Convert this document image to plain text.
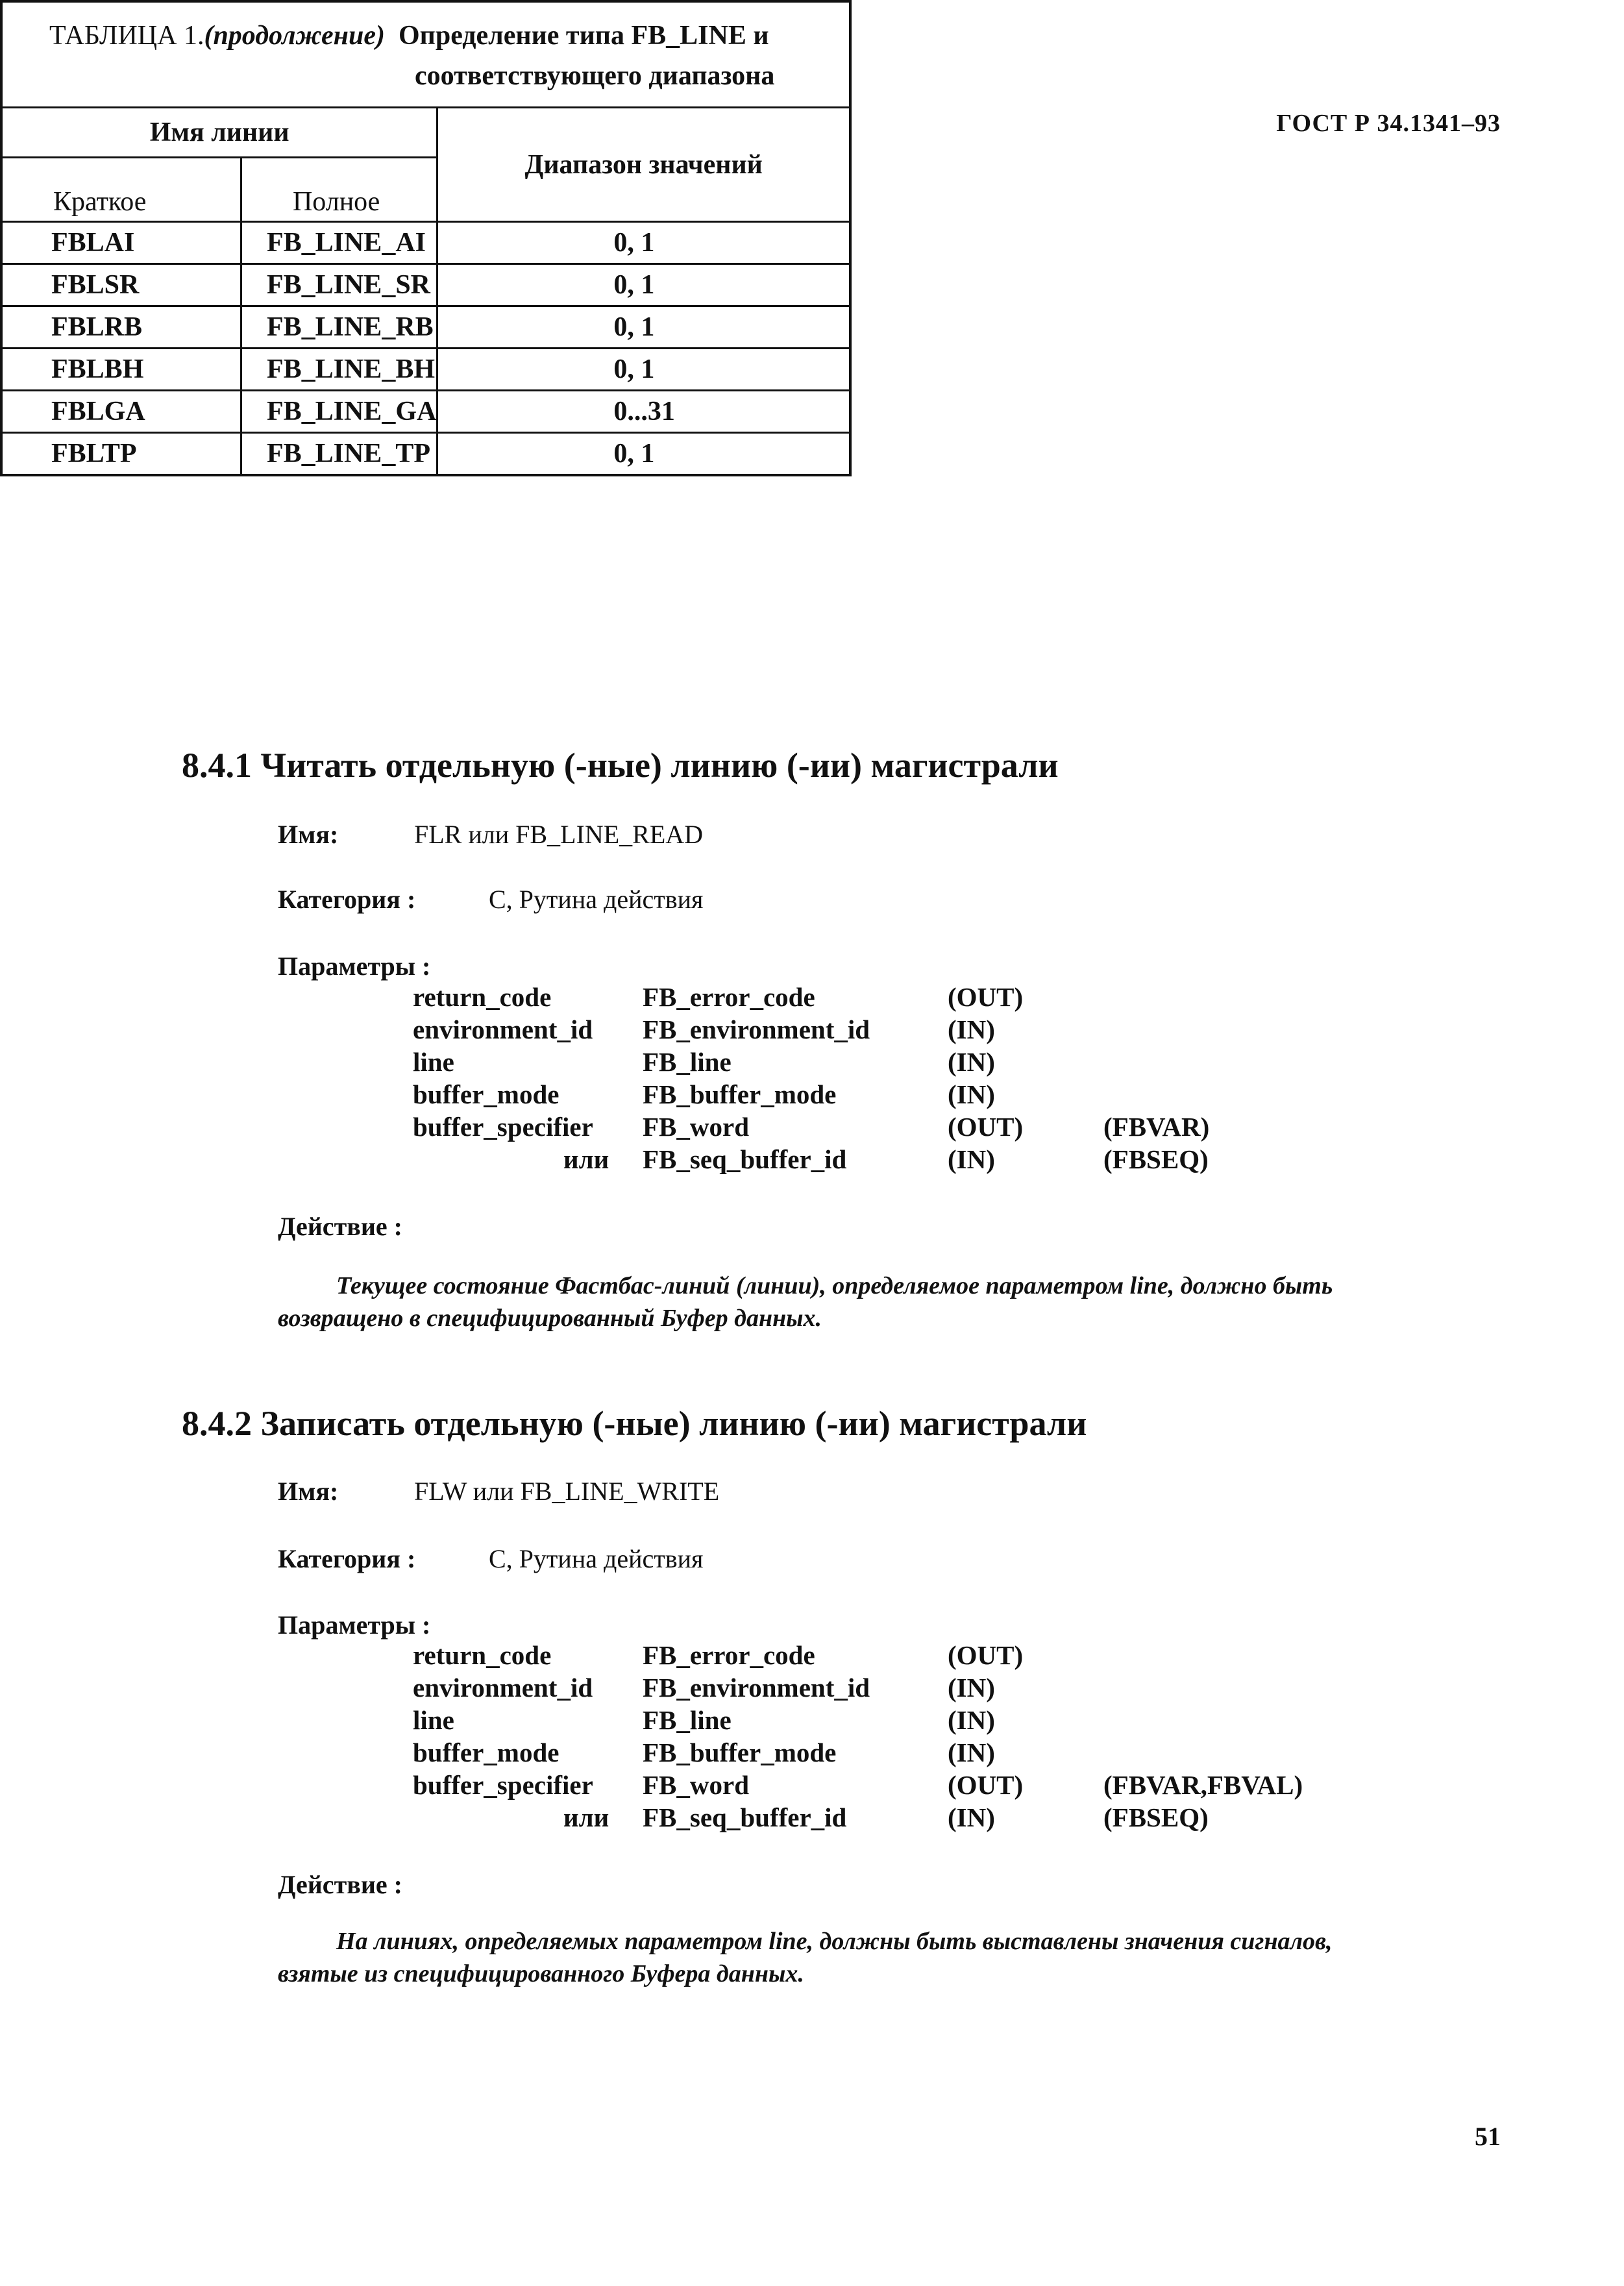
ГОСТ Р 34.1341–93
ТАБЛИЦА 1.(продолжение) Определение типа FB_LINE и
соответствующего диапазона		

Имя линии		Диапазон значений
Краткое	Полное	
FBLAI	FB_LINE_AI	0, 1
FBLSR	FB_LINE_SR	0, 1
FBLRB	FB_LINE_RB	0, 1
FBLBH	FB_LINE_BH	0, 1
FBLGA	FB_LINE_GA	0...31
FBLTP	FB_LINE_TP	0, 1
8.4.1 Читать отдельную (-ные) линию (-ии) магистрали
Имя:	FLR или FB_LINE_READ
Категория :	С, Рутина действия
Параметры :
return_code	FB_error_code	(OUT)
environment_id FB_environment_id	(IN)
line	FB_line	(IN)
buffer_mode	FB_buffer_mode	(IN)
buffer_specifier FB_word	(OUT)	(FBVAR)
или FB_seq_buffer_id	(IN)	(FBSEQ)
Действие :
Текущее состояние Фастбас-линий (линии), определяемое параметром line, должно быть
возвращено в специфицированный Буфер данных.
8.4.2 Записать отдельную (-ные) линию (-ии) магистрали
Имя:	FLW или FB_LINE_WRITE
Категория :	С, Рутина действия
Параметры :
return_code	FB_error_code	(OUT)
environment_id FB_environment_id	(IN)
line	FB_line	(IN)
buffer_mode	FB_buffer_mode	(IN)
buffer_specifier FB_word	(OUT)	(FBVAR,FBVAL)
или FB_seq_buffer_id	(IN)	(FBSEQ)
Действие :
На линиях, определяемых параметром line, должны быть выставлены значения сигналов,
взятые из специфицированного Буфера данных.
51
